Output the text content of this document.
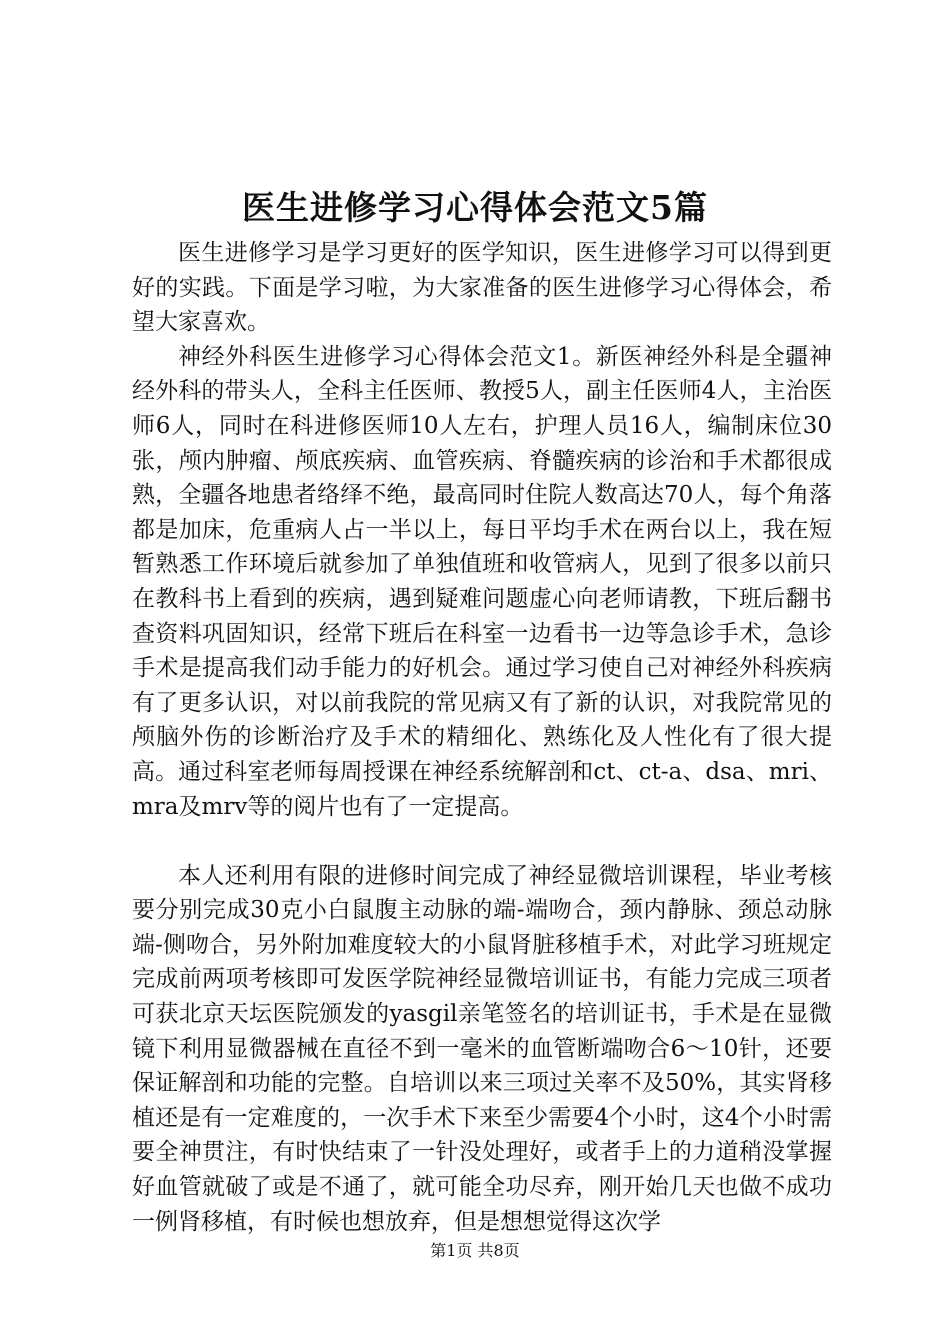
医生进修学习心得体会范文5篇

医生进修学习是学习更好的医学知识，医生进修学习可以得到更好的实践。下面是学习啦，为大家准备的医生进修学习心得体会，希望大家喜欢。

神经外科医生进修学习心得体会范文1。新医神经外科是全疆神经外科的带头人，全科主任医师、教授5人，副主任医师4人，主治医师6人，同时在科进修医师10人左右，护理人员16人，编制床位30张，颅内肿瘤、颅底疾病、血管疾病、脊髓疾病的诊治和手术都很成熟，全疆各地患者络绎不绝，最高同时住院人数高达70人，每个角落都是加床，危重病人占一半以上，每日平均手术在两台以上，我在短暂熟悉工作环境后就参加了单独值班和收管病人，见到了很多以前只在教科书上看到的疾病，遇到疑难问题虚心向老师请教，下班后翻书查资料巩固知识，经常下班后在科室一边看书一边等急诊手术，急诊手术是提高我们动手能力的好机会。通过学习使自己对神经外科疾病有了更多认识，对以前我院的常见病又有了新的认识，对我院常见的颅脑外伤的诊断治疗及手术的精细化、熟练化及人性化有了很大提高。通过科室老师每周授课在神经系统解剖和ct、ct-a、dsa、mri、mra及mrv等的阅片也有了一定提高。

本人还利用有限的进修时间完成了神经显微培训课程，毕业考核要分别完成30克小白鼠腹主动脉的端-端吻合，颈内静脉、颈总动脉端-侧吻合，另外附加难度较大的小鼠肾脏移植手术，对此学习班规定完成前两项考核即可发医学院神经显微培训证书，有能力完成三项者可获北京天坛医院颁发的yasgil亲笔签名的培训证书，手术是在显微镜下利用显微器械在直径不到一毫米的血管断端吻合6～10针，还要保证解剖和功能的完整。自培训以来三项过关率不及50%，其实肾移植还是有一定难度的，一次手术下来至少需要4个小时，这4个小时需要全神贯注，有时快结束了一针没处理好，或者手上的力道稍没掌握好血管就破了或是不通了，就可能全功尽弃，刚开始几天也做不成功一例肾移植，有时候也想放弃，但是想想觉得这次学

第1页 共8页
